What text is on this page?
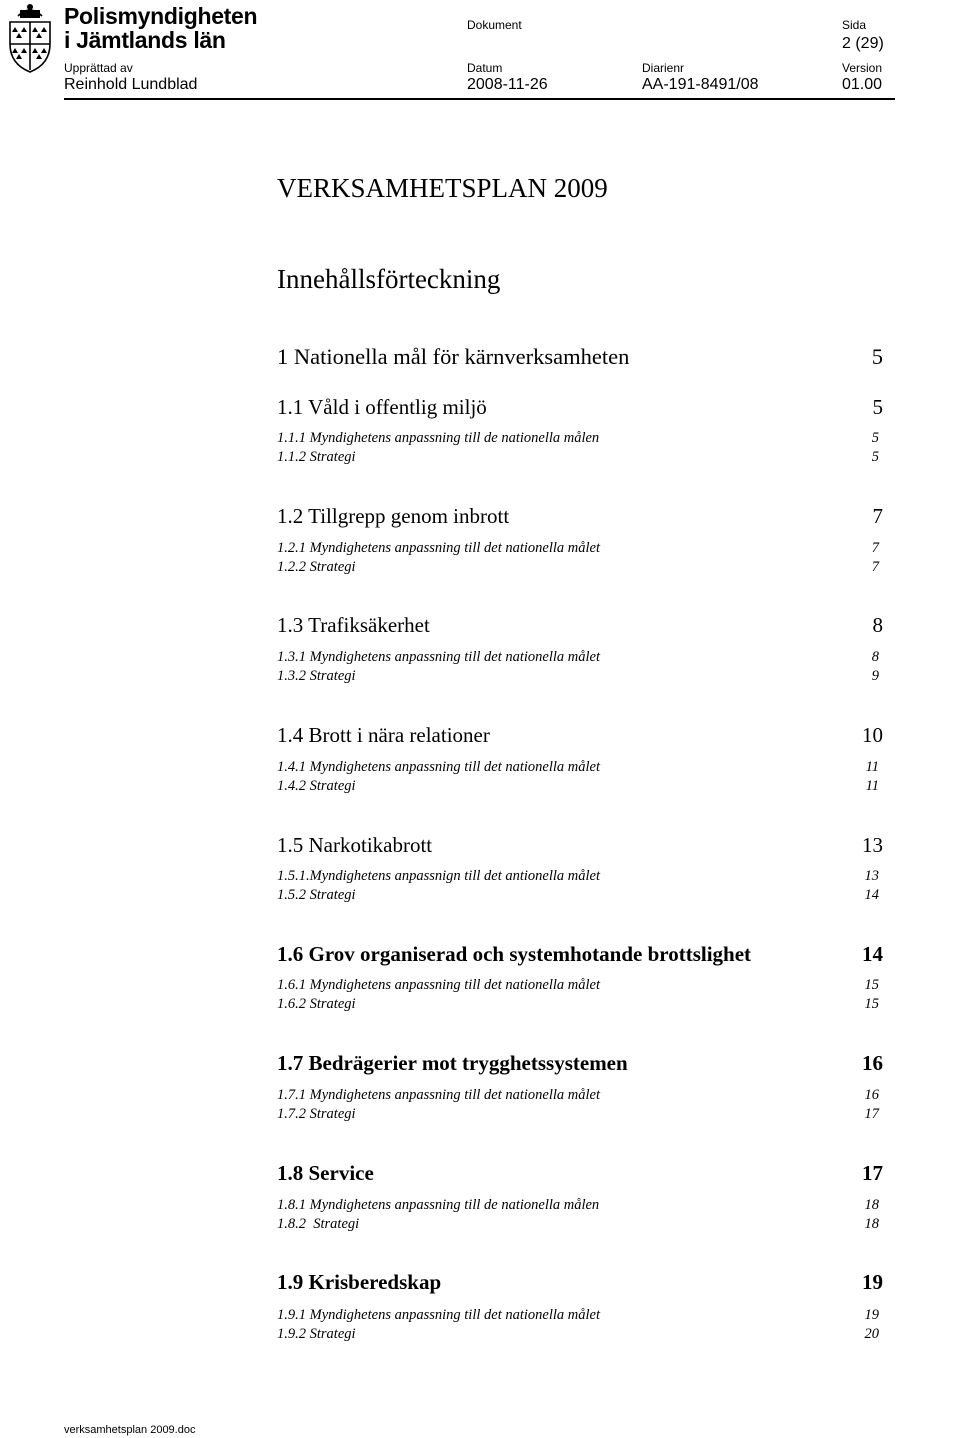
Polismyndigheten
i Jämtlands län
Dokument	Sida
2 (29)
Upprättad av	Datum	Diarienr	Version
Reinhold Lundblad	2008-11-26	AA-191-8491/08	01.00
VERKSAMHETSPLAN 2009
Innehållsförteckning
1 Nationella mål för kärnverksamheten	5
1.1 Våld i offentlig miljö	5
1.1.1 Myndighetens anpassning till de nationella målen	5
1.1.2 Strategi	5
1.2 Tillgrepp genom inbrott	7
1.2.1 Myndighetens anpassning till det nationella målet	7
1.2.2 Strategi	7
1.3 Trafiksäkerhet	8
1.3.1 Myndighetens anpassning till det nationella målet	8
1.3.2 Strategi	9
1.4 Brott i nära relationer	10
1.4.1 Myndighetens anpassning till det nationella målet	11
1.4.2 Strategi	11
1.5 Narkotikabrott	13
1.5.1.Myndighetens anpassnign till det antionella målet	13
1.5.2 Strategi	14
1.6 Grov organiserad och systemhotande brottslighet	14
1.6.1 Myndighetens anpassning till det nationella målet	15
1.6.2 Strategi	15
1.7 Bedrägerier mot trygghetssystemen	16
1.7.1 Myndighetens anpassning till det nationella målet	16
1.7.2 Strategi	17
1.8 Service	17
1.8.1 Myndighetens anpassning till de nationella målen	18
1.8.2  Strategi	18
1.9 Krisberedskap	19
1.9.1 Myndighetens anpassning till det nationella målet	19
1.9.2 Strategi	20
verksamhetsplan 2009.doc
